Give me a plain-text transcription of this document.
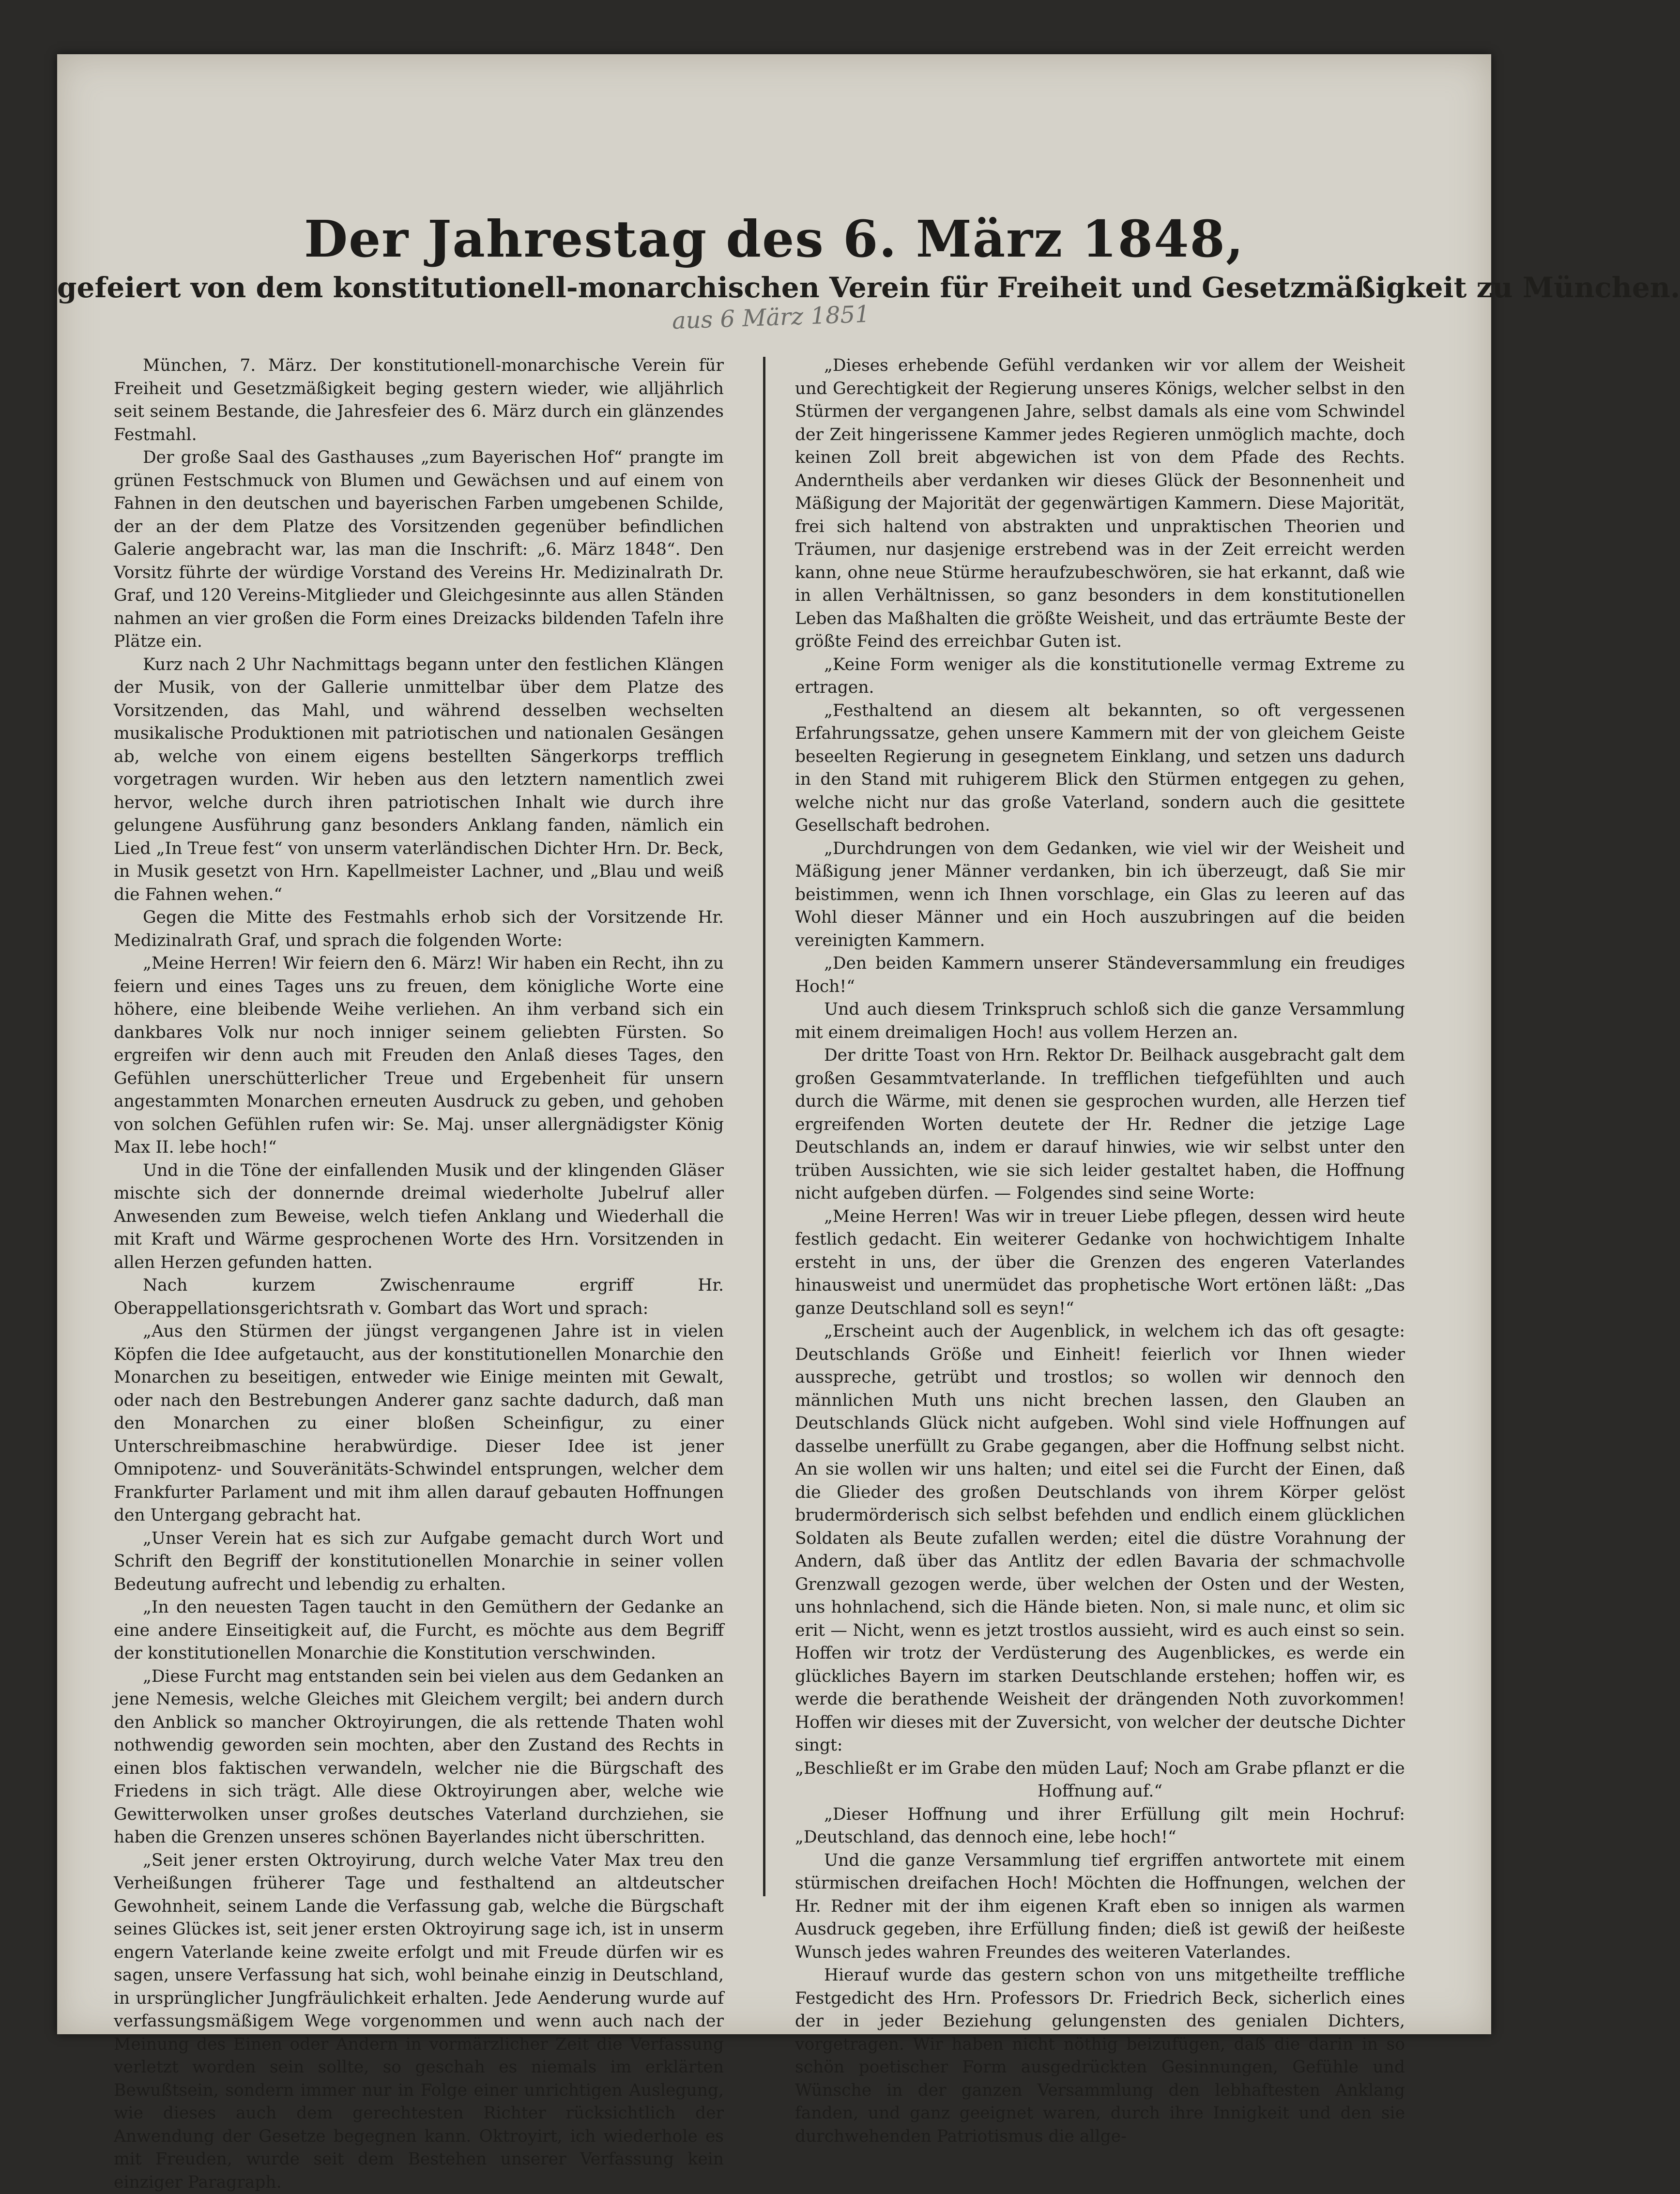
Der Jahrestag des 6. März 1848,
gefeiert von dem konstitutionell-monarchischen Verein für Freiheit und Gesetzmäßigkeit zu München.
aus 6 März 1851

München, 7. März. Der konstitutionell-monarchische Verein für Freiheit und Gesetzmäßigkeit beging gestern wieder, wie alljährlich seit seinem Bestande, die Jahresfeier des 6. März durch ein glänzendes Festmahl.

Der große Saal des Gasthauses „zum Bayerischen Hof“ prangte im grünen Festschmuck von Blumen und Gewächsen und auf einem von Fahnen in den deutschen und bayerischen Farben umgebenen Schilde, der an der dem Platze des Vorsitzenden gegenüber befindlichen Galerie angebracht war, las man die Inschrift: „6. März 1848“. Den Vorsitz führte der würdige Vorstand des Vereins Hr. Medizinalrath Dr. Graf, und 120 Vereins-Mitglieder und Gleichgesinnte aus allen Ständen nahmen an vier großen die Form eines Dreizacks bildenden Tafeln ihre Plätze ein.

Kurz nach 2 Uhr Nachmittags begann unter den festlichen Klängen der Musik, von der Gallerie unmittelbar über dem Platze des Vorsitzenden, das Mahl, und während desselben wechselten musikalische Produktionen mit patriotischen und nationalen Gesängen ab, welche von einem eigens bestellten Sängerkorps trefflich vorgetragen wurden. Wir heben aus den letztern namentlich zwei hervor, welche durch ihren patriotischen Inhalt wie durch ihre gelungene Ausführung ganz besonders Anklang fanden, nämlich ein Lied „In Treue fest“ von unserm vaterländischen Dichter Hrn. Dr. Beck, in Musik gesetzt von Hrn. Kapellmeister Lachner, und „Blau und weiß die Fahnen wehen.“

Gegen die Mitte des Festmahls erhob sich der Vorsitzende Hr. Medizinalrath Graf, und sprach die folgenden Worte:

„Meine Herren! Wir feiern den 6. März! Wir haben ein Recht, ihn zu feiern und eines Tages uns zu freuen, dem königliche Worte eine höhere, eine bleibende Weihe verliehen. An ihm verband sich ein dankbares Volk nur noch inniger seinem geliebten Fürsten. So ergreifen wir denn auch mit Freuden den Anlaß dieses Tages, den Gefühlen unerschütterlicher Treue und Ergebenheit für unsern angestammten Monarchen erneuten Ausdruck zu geben, und gehoben von solchen Gefühlen rufen wir: Se. Maj. unser allergnädigster König Max II. lebe hoch!“

Und in die Töne der einfallenden Musik und der klingenden Gläser mischte sich der donnernde dreimal wiederholte Jubelruf aller Anwesenden zum Beweise, welch tiefen Anklang und Wiederhall die mit Kraft und Wärme gesprochenen Worte des Hrn. Vorsitzenden in allen Herzen gefunden hatten.

Nach kurzem Zwischenraume ergriff Hr. Oberappellationsgerichtsrath v. Gombart das Wort und sprach:

„Aus den Stürmen der jüngst vergangenen Jahre ist in vielen Köpfen die Idee aufgetaucht, aus der konstitutionellen Monarchie den Monarchen zu beseitigen, entweder wie Einige meinten mit Gewalt, oder nach den Bestrebungen Anderer ganz sachte dadurch, daß man den Monarchen zu einer bloßen Scheinfigur, zu einer Unterschreibmaschine herabwürdige. Dieser Idee ist jener Omnipotenz- und Souveränitäts-Schwindel entsprungen, welcher dem Frankfurter Parlament und mit ihm allen darauf gebauten Hoffnungen den Untergang gebracht hat.

„Unser Verein hat es sich zur Aufgabe gemacht durch Wort und Schrift den Begriff der konstitutionellen Monarchie in seiner vollen Bedeutung aufrecht und lebendig zu erhalten.

„In den neuesten Tagen taucht in den Gemüthern der Gedanke an eine andere Einseitigkeit auf, die Furcht, es möchte aus dem Begriff der konstitutionellen Monarchie die Konstitution verschwinden.

„Diese Furcht mag entstanden sein bei vielen aus dem Gedanken an jene Nemesis, welche Gleiches mit Gleichem vergilt; bei andern durch den Anblick so mancher Oktroyirungen, die als rettende Thaten wohl nothwendig geworden sein mochten, aber den Zustand des Rechts in einen blos faktischen verwandeln, welcher nie die Bürgschaft des Friedens in sich trägt. Alle diese Oktroyirungen aber, welche wie Gewitterwolken unser großes deutsches Vaterland durchziehen, sie haben die Grenzen unseres schönen Bayerlandes nicht überschritten.

„Seit jener ersten Oktroyirung, durch welche Vater Max treu den Verheißungen früherer Tage und festhaltend an altdeutscher Gewohnheit, seinem Lande die Verfassung gab, welche die Bürgschaft seines Glückes ist, seit jener ersten Oktroyirung sage ich, ist in unserm engern Vaterlande keine zweite erfolgt und mit Freude dürfen wir es sagen, unsere Verfassung hat sich, wohl beinahe einzig in Deutschland, in ursprünglicher Jungfräulichkeit erhalten. Jede Aenderung wurde auf verfassungsmäßigem Wege vorgenommen und wenn auch nach der Meinung des Einen oder Andern in vormärzlicher Zeit die Verfassung verletzt worden sein sollte, so geschah es niemals im erklärten Bewußtsein, sondern immer nur in Folge einer unrichtigen Auslegung, wie dieses auch dem gerechtesten Richter rücksichtlich der Anwendung der Gesetze begegnen kann. Oktroyirt, ich wiederhole es mit Freuden, wurde seit dem Bestehen unserer Verfassung kein einziger Paragraph.

„Dieses erhebende Gefühl verdanken wir vor allem der Weisheit und Gerechtigkeit der Regierung unseres Königs, welcher selbst in den Stürmen der vergangenen Jahre, selbst damals als eine vom Schwindel der Zeit hingerissene Kammer jedes Regieren unmöglich machte, doch keinen Zoll breit abgewichen ist von dem Pfade des Rechts. Anderntheils aber verdanken wir dieses Glück der Besonnenheit und Mäßigung der Majorität der gegenwärtigen Kammern. Diese Majorität, frei sich haltend von abstrakten und unpraktischen Theorien und Träumen, nur dasjenige erstrebend was in der Zeit erreicht werden kann, ohne neue Stürme heraufzubeschwören, sie hat erkannt, daß wie in allen Verhältnissen, so ganz besonders in dem konstitutionellen Leben das Maßhalten die größte Weisheit, und das erträumte Beste der größte Feind des erreichbar Guten ist.

„Keine Form weniger als die konstitutionelle vermag Extreme zu ertragen.

„Festhaltend an diesem alt bekannten, so oft vergessenen Erfahrungssatze, gehen unsere Kammern mit der von gleichem Geiste beseelten Regierung in gesegnetem Einklang, und setzen uns dadurch in den Stand mit ruhigerem Blick den Stürmen entgegen zu gehen, welche nicht nur das große Vaterland, sondern auch die gesittete Gesellschaft bedrohen.

„Durchdrungen von dem Gedanken, wie viel wir der Weisheit und Mäßigung jener Männer verdanken, bin ich überzeugt, daß Sie mir beistimmen, wenn ich Ihnen vorschlage, ein Glas zu leeren auf das Wohl dieser Männer und ein Hoch auszubringen auf die beiden vereinigten Kammern.

„Den beiden Kammern unserer Ständeversammlung ein freudiges Hoch!“

Und auch diesem Trinkspruch schloß sich die ganze Versammlung mit einem dreimaligen Hoch! aus vollem Herzen an.

Der dritte Toast von Hrn. Rektor Dr. Beilhack ausgebracht galt dem großen Gesammtvaterlande. In trefflichen tiefgefühlten und auch durch die Wärme, mit denen sie gesprochen wurden, alle Herzen tief ergreifenden Worten deutete der Hr. Redner die jetzige Lage Deutschlands an, indem er darauf hinwies, wie wir selbst unter den trüben Aussichten, wie sie sich leider gestaltet haben, die Hoffnung nicht aufgeben dürfen. — Folgendes sind seine Worte:

„Meine Herren! Was wir in treuer Liebe pflegen, dessen wird heute festlich gedacht. Ein weiterer Gedanke von hochwichtigem Inhalte ersteht in uns, der über die Grenzen des engeren Vaterlandes hinausweist und unermüdet das prophetische Wort ertönen läßt: „Das ganze Deutschland soll es seyn!“

„Erscheint auch der Augenblick, in welchem ich das oft gesagte: Deutschlands Größe und Einheit! feierlich vor Ihnen wieder ausspreche, getrübt und trostlos; so wollen wir dennoch den männlichen Muth uns nicht brechen lassen, den Glauben an Deutschlands Glück nicht aufgeben. Wohl sind viele Hoffnungen auf dasselbe unerfüllt zu Grabe gegangen, aber die Hoffnung selbst nicht. An sie wollen wir uns halten; und eitel sei die Furcht der Einen, daß die Glieder des großen Deutschlands von ihrem Körper gelöst brudermörderisch sich selbst befehden und endlich einem glücklichen Soldaten als Beute zufallen werden; eitel die düstre Vorahnung der Andern, daß über das Antlitz der edlen Bavaria der schmachvolle Grenzwall gezogen werde, über welchen der Osten und der Westen, uns hohnlachend, sich die Hände bieten. Non, si male nunc, et olim sic erit — Nicht, wenn es jetzt trostlos aussieht, wird es auch einst so sein. Hoffen wir trotz der Verdüsterung des Augenblickes, es werde ein glückliches Bayern im starken Deutschlande erstehen; hoffen wir, es werde die berathende Weisheit der drängenden Noth zuvorkommen! Hoffen wir dieses mit der Zuversicht, von welcher der deutsche Dichter singt:

„Beschließt er im Grabe den müden Lauf; Noch am Grabe pflanzt er die Hoffnung auf.“

„Dieser Hoffnung und ihrer Erfüllung gilt mein Hochruf: „Deutschland, das dennoch eine, lebe hoch!“

Und die ganze Versammlung tief ergriffen antwortete mit einem stürmischen dreifachen Hoch! Möchten die Hoffnungen, welchen der Hr. Redner mit der ihm eigenen Kraft eben so innigen als warmen Ausdruck gegeben, ihre Erfüllung finden; dieß ist gewiß der heißeste Wunsch jedes wahren Freundes des weiteren Vaterlandes.

Hierauf wurde das gestern schon von uns mitgetheilte treffliche Festgedicht des Hrn. Professors Dr. Friedrich Beck, sicherlich eines der in jeder Beziehung gelungensten des genialen Dichters, vorgetragen. Wir haben nicht nöthig beizufügen, daß die darin in so schön poetischer Form ausgedrückten Gesinnungen, Gefühle und Wünsche in der ganzen Versammlung den lebhaftesten Anklang fanden, und ganz geeignet waren, durch ihre Innigkeit und den sie durchwehenden Patriotismus die allge-
